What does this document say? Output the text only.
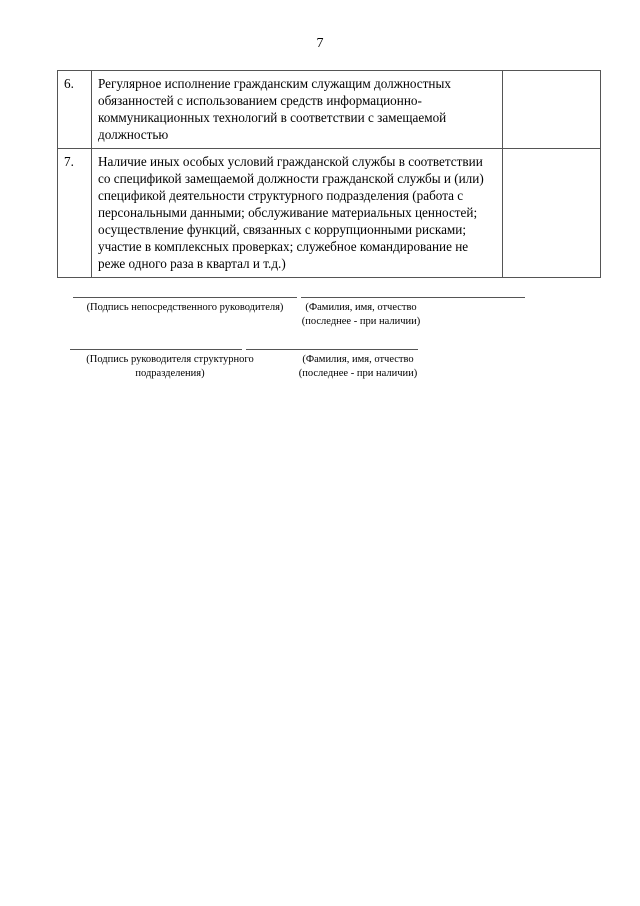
7
6.	Регулярное исполнение гражданским служащим должностных обязанностей с использованием средств информационно-коммуникационных технологий в соответствии с замещаемой должностью	
7.	Наличие иных особых условий гражданской службы в соответствии со спецификой замещаемой должности гражданской службы и (или) спецификой деятельности структурного подразделения (работа с персональными данными; обслуживание материальных ценностей; осуществление функций, связанных с коррупционными рисками; участие в комплексных проверках; служебное командирование не реже одного раза в квартал и т.д.)	
(Подпись непосредственного руководителя)	(Фамилия, имя, отчество (последнее - при наличии)
(Подпись руководителя структурного подразделения)
(Фамилия, имя, отчество (последнее - при наличии)
